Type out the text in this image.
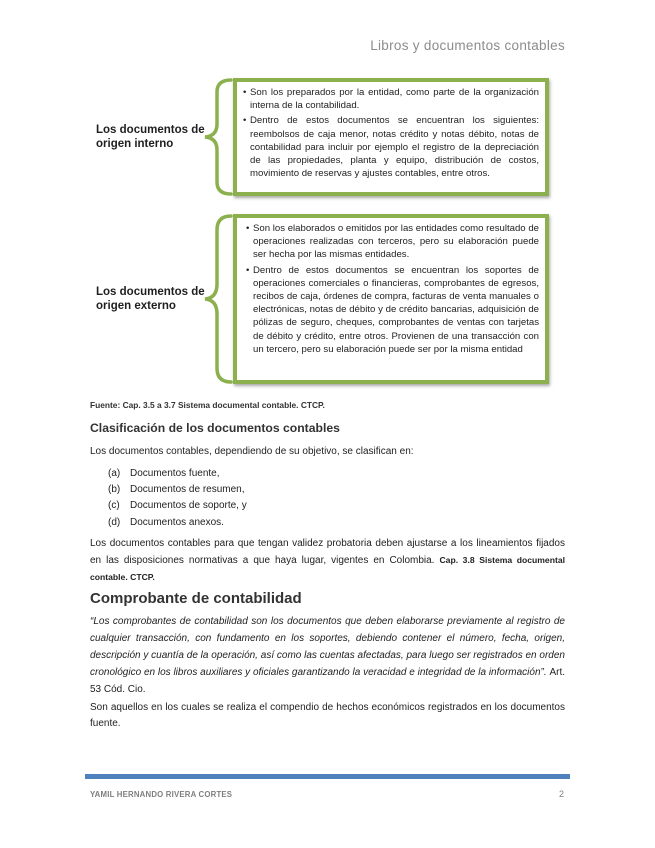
Libros y documentos contables
Los documentos de origen interno
• Son los preparados por la entidad, como parte de la organización interna de la contabilidad.
• Dentro de estos documentos se encuentran los siguientes: reembolsos de caja menor, notas crédito y notas débito, notas de contabilidad para incluir por ejemplo el registro de la depreciación de las propiedades, planta y equipo, distribución de costos, movimiento de reservas y ajustes contables, entre otros.
Los documentos de origen externo
• Son los elaborados o emitidos por las entidades como resultado de operaciones realizadas con terceros, pero su elaboración puede ser hecha por las mismas entidades.
• Dentro de estos documentos se encuentran los soportes de operaciones comerciales o financieras, comprobantes de egresos, recibos de caja, órdenes de compra, facturas de venta manuales o electrónicas, notas de débito y de crédito bancarias, adquisición de pólizas de seguro, cheques, comprobantes de ventas con tarjetas de débito y crédito, entre otros. Provienen de una transacción con un tercero, pero su elaboración puede ser por la misma entidad
Fuente: Cap. 3.5 a 3.7 Sistema documental contable. CTCP.
Clasificación de los documentos contables
Los documentos contables, dependiendo de su objetivo, se clasifican en:
(a) Documentos fuente,
(b) Documentos de resumen,
(c)	Documentos de soporte, y
(d) Documentos anexos.
Los documentos contables para que tengan validez probatoria deben ajustarse a los lineamientos fijados en las disposiciones normativas a que haya lugar, vigentes en Colombia. Cap. 3.8 Sistema documental contable. CTCP.
Comprobante de contabilidad
“Los comprobantes de contabilidad son los documentos que deben elaborarse previamente al registro de cualquier transacción, con fundamento en los soportes, debiendo contener el número, fecha, origen, descripción y cuantía de la operación, así como las cuentas afectadas, para luego ser registrados en orden cronológico en los libros auxiliares y oficiales garantizando la veracidad e integridad de la información”. Art. 53 Cód. Cio.
Son aquellos en los cuales se realiza el compendio de hechos económicos registrados en los documentos fuente.
YAMIL HERNANDO RIVERA CORTES	2
